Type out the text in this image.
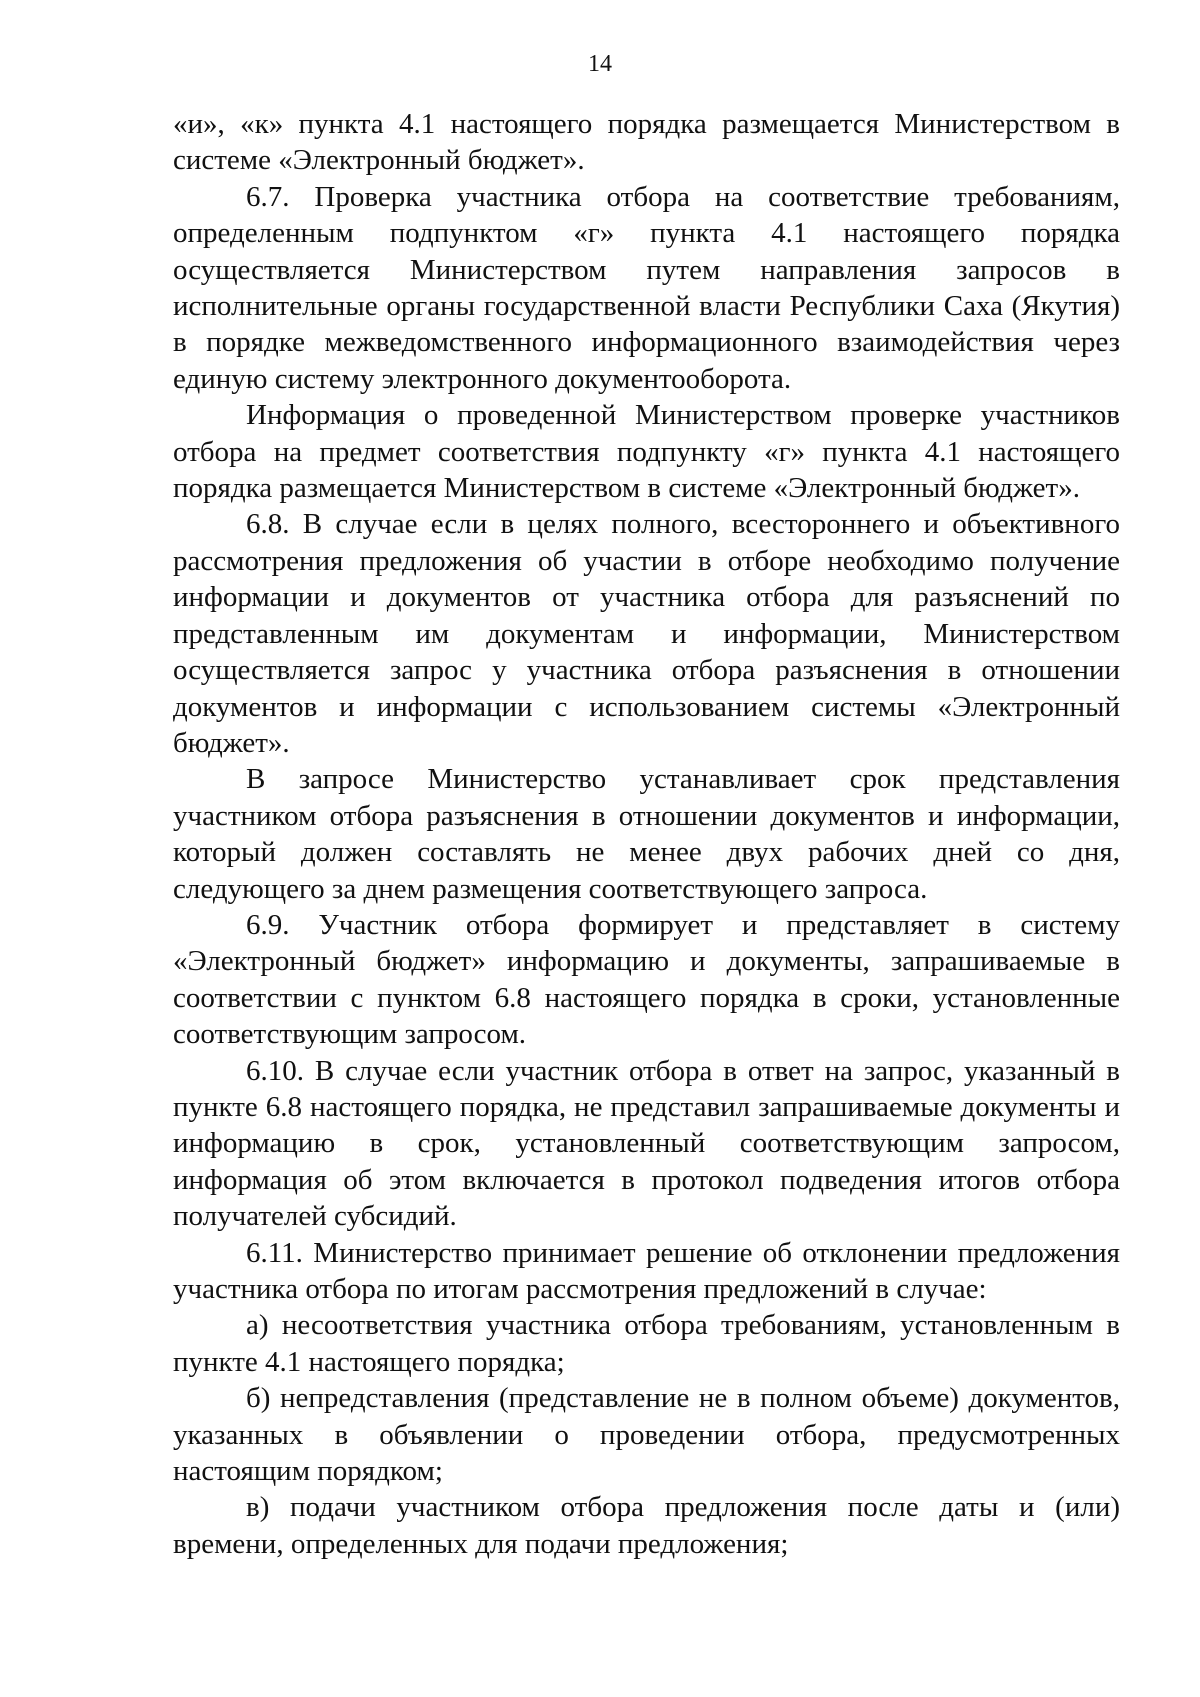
14

«и», «к» пункта 4.1 настоящего порядка размещается Министерством в системе «Электронный бюджет».

6.7. Проверка участника отбора на соответствие требованиям, определенным подпунктом «г» пункта 4.1 настоящего порядка осуществляется Министерством путем направления запросов в исполнительные органы государственной власти Республики Саха (Якутия) в порядке межведомственного информационного взаимодействия через единую систему электронного документооборота.

Информация о проведенной Министерством проверке участников отбора на предмет соответствия подпункту «г» пункта 4.1 настоящего порядка размещается Министерством в системе «Электронный бюджет».

6.8. В случае если в целях полного, всестороннего и объективного рассмотрения предложения об участии в отборе необходимо получение информации и документов от участника отбора для разъяснений по представленным им документам и информации, Министерством осуществляется запрос у участника отбора разъяснения в отношении документов и информации с использованием системы «Электронный бюджет».

В запросе Министерство устанавливает срок представления участником отбора разъяснения в отношении документов и информации, который должен составлять не менее двух рабочих дней со дня, следующего за днем размещения соответствующего запроса.

6.9. Участник отбора формирует и представляет в систему «Электронный бюджет» информацию и документы, запрашиваемые в соответствии с пунктом 6.8 настоящего порядка в сроки, установленные соответствующим запросом.

6.10. В случае если участник отбора в ответ на запрос, указанный в пункте 6.8 настоящего порядка, не представил запрашиваемые документы и информацию в срок, установленный соответствующим запросом, информация об этом включается в протокол подведения итогов отбора получателей субсидий.

6.11. Министерство принимает решение об отклонении предложения участника отбора по итогам рассмотрения предложений в случае:

а) несоответствия участника отбора требованиям, установленным в пункте 4.1 настоящего порядка;

б) непредставления (представление не в полном объеме) документов, указанных в объявлении о проведении отбора, предусмотренных настоящим порядком;

в) подачи участником отбора предложения после даты и (или) времени, определенных для подачи предложения;
